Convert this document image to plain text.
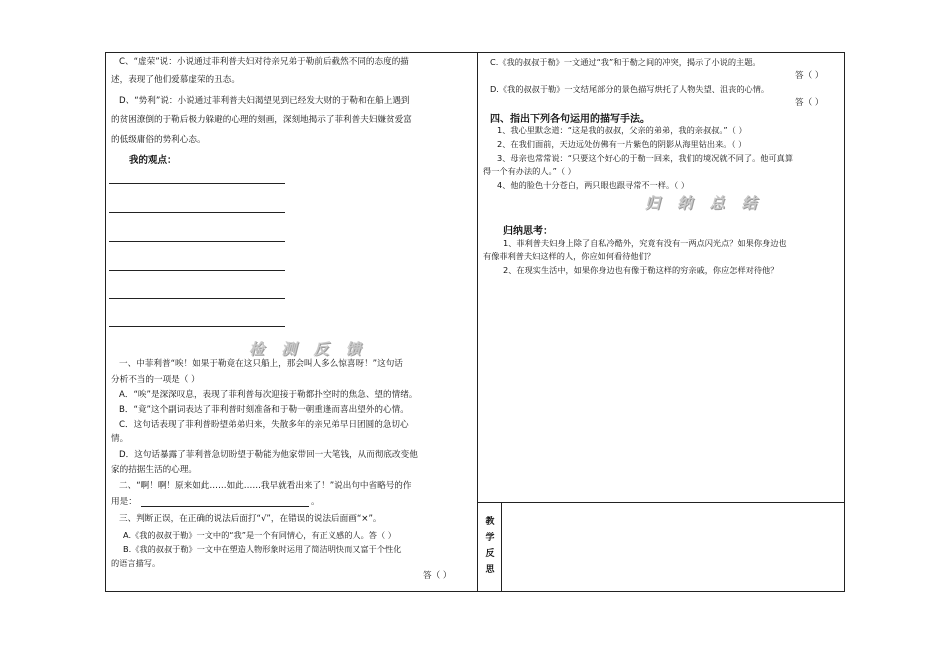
C、“虚荣”说：小说通过菲利普夫妇对待亲兄弟于勒前后截然不同的态度的描
述，表现了他们爱慕虚荣的丑态。
D、“势利”说：小说通过菲利普夫妇渴望见到已经发大财的于勒和在船上遇到
的贫困潦倒的于勒后极力躲避的心理的刻画，深刻地揭示了菲利普夫妇嫌贫爱富
的低级庸俗的势利心态。
我的观点：
检 测 反 馈
一、中菲利普“唉！如果于勒竟在这只船上，那会叫人多么惊喜呀！”这句话
分析不当的一项是（ ）
A．“唉”是深深叹息，表现了菲利普每次迎接于勒都扑空时的焦急、望的情绪。
B．“竟”这个副词表达了菲利普时刻准备和于勒一朝重逢而喜出望外的心情。
C．这句话表现了菲利普盼望弟弟归来，失散多年的亲兄弟早日团圆的急切心
情。
D．这句话暴露了菲利普急切盼望于勒能为他家带回一大笔钱，从而彻底改变他
家的拮据生活的心理。
二、“啊！啊！原来如此……如此……我早就看出来了！”说出句中省略号的作
用是：	。
三、判断正误，在正确的说法后面打“√”，在错误的说法后面画“×”。
A.《我的叔叔于勒》一文中的“我”是一个有同情心，有正义感的人。答（ ）
B.《我的叔叔于勒》一文中在塑造人物形象时运用了简洁明快而又富于个性化
的语言描写。
答（ ）
C.《我的叔叔于勒》一文通过“我”和于勒之间的冲突，揭示了小说的主题。
答（ ）
D.《我的叔叔于勒》一文结尾部分的景色描写烘托了人物失望、沮丧的心情。
答（ ）
四、指出下列各句运用的描写手法。
1、我心里默念道：“这是我的叔叔，父亲的弟弟，我的亲叔叔。”（ ）
2、在我们面前，天边远处仿佛有一片紫色的阴影从海里钻出来。（ ）
3、母亲也常常说：“只要这个好心的于勒一回来，我们的境况就不同了。他可真算
得一个有办法的人。”（ ）
4、他的脸色十分苍白，两只眼也跟寻常不一样。（ ）
归 纳 总 结
归纳思考：
1、菲利普夫妇身上除了自私冷酷外，究竟有没有一两点闪光点？如果你身边也
有像菲利普夫妇这样的人，你应如何看待他们？
2、在现实生活中，如果你身边也有像于勒这样的穷亲戚，你应怎样对待他？
教
学
反
思
